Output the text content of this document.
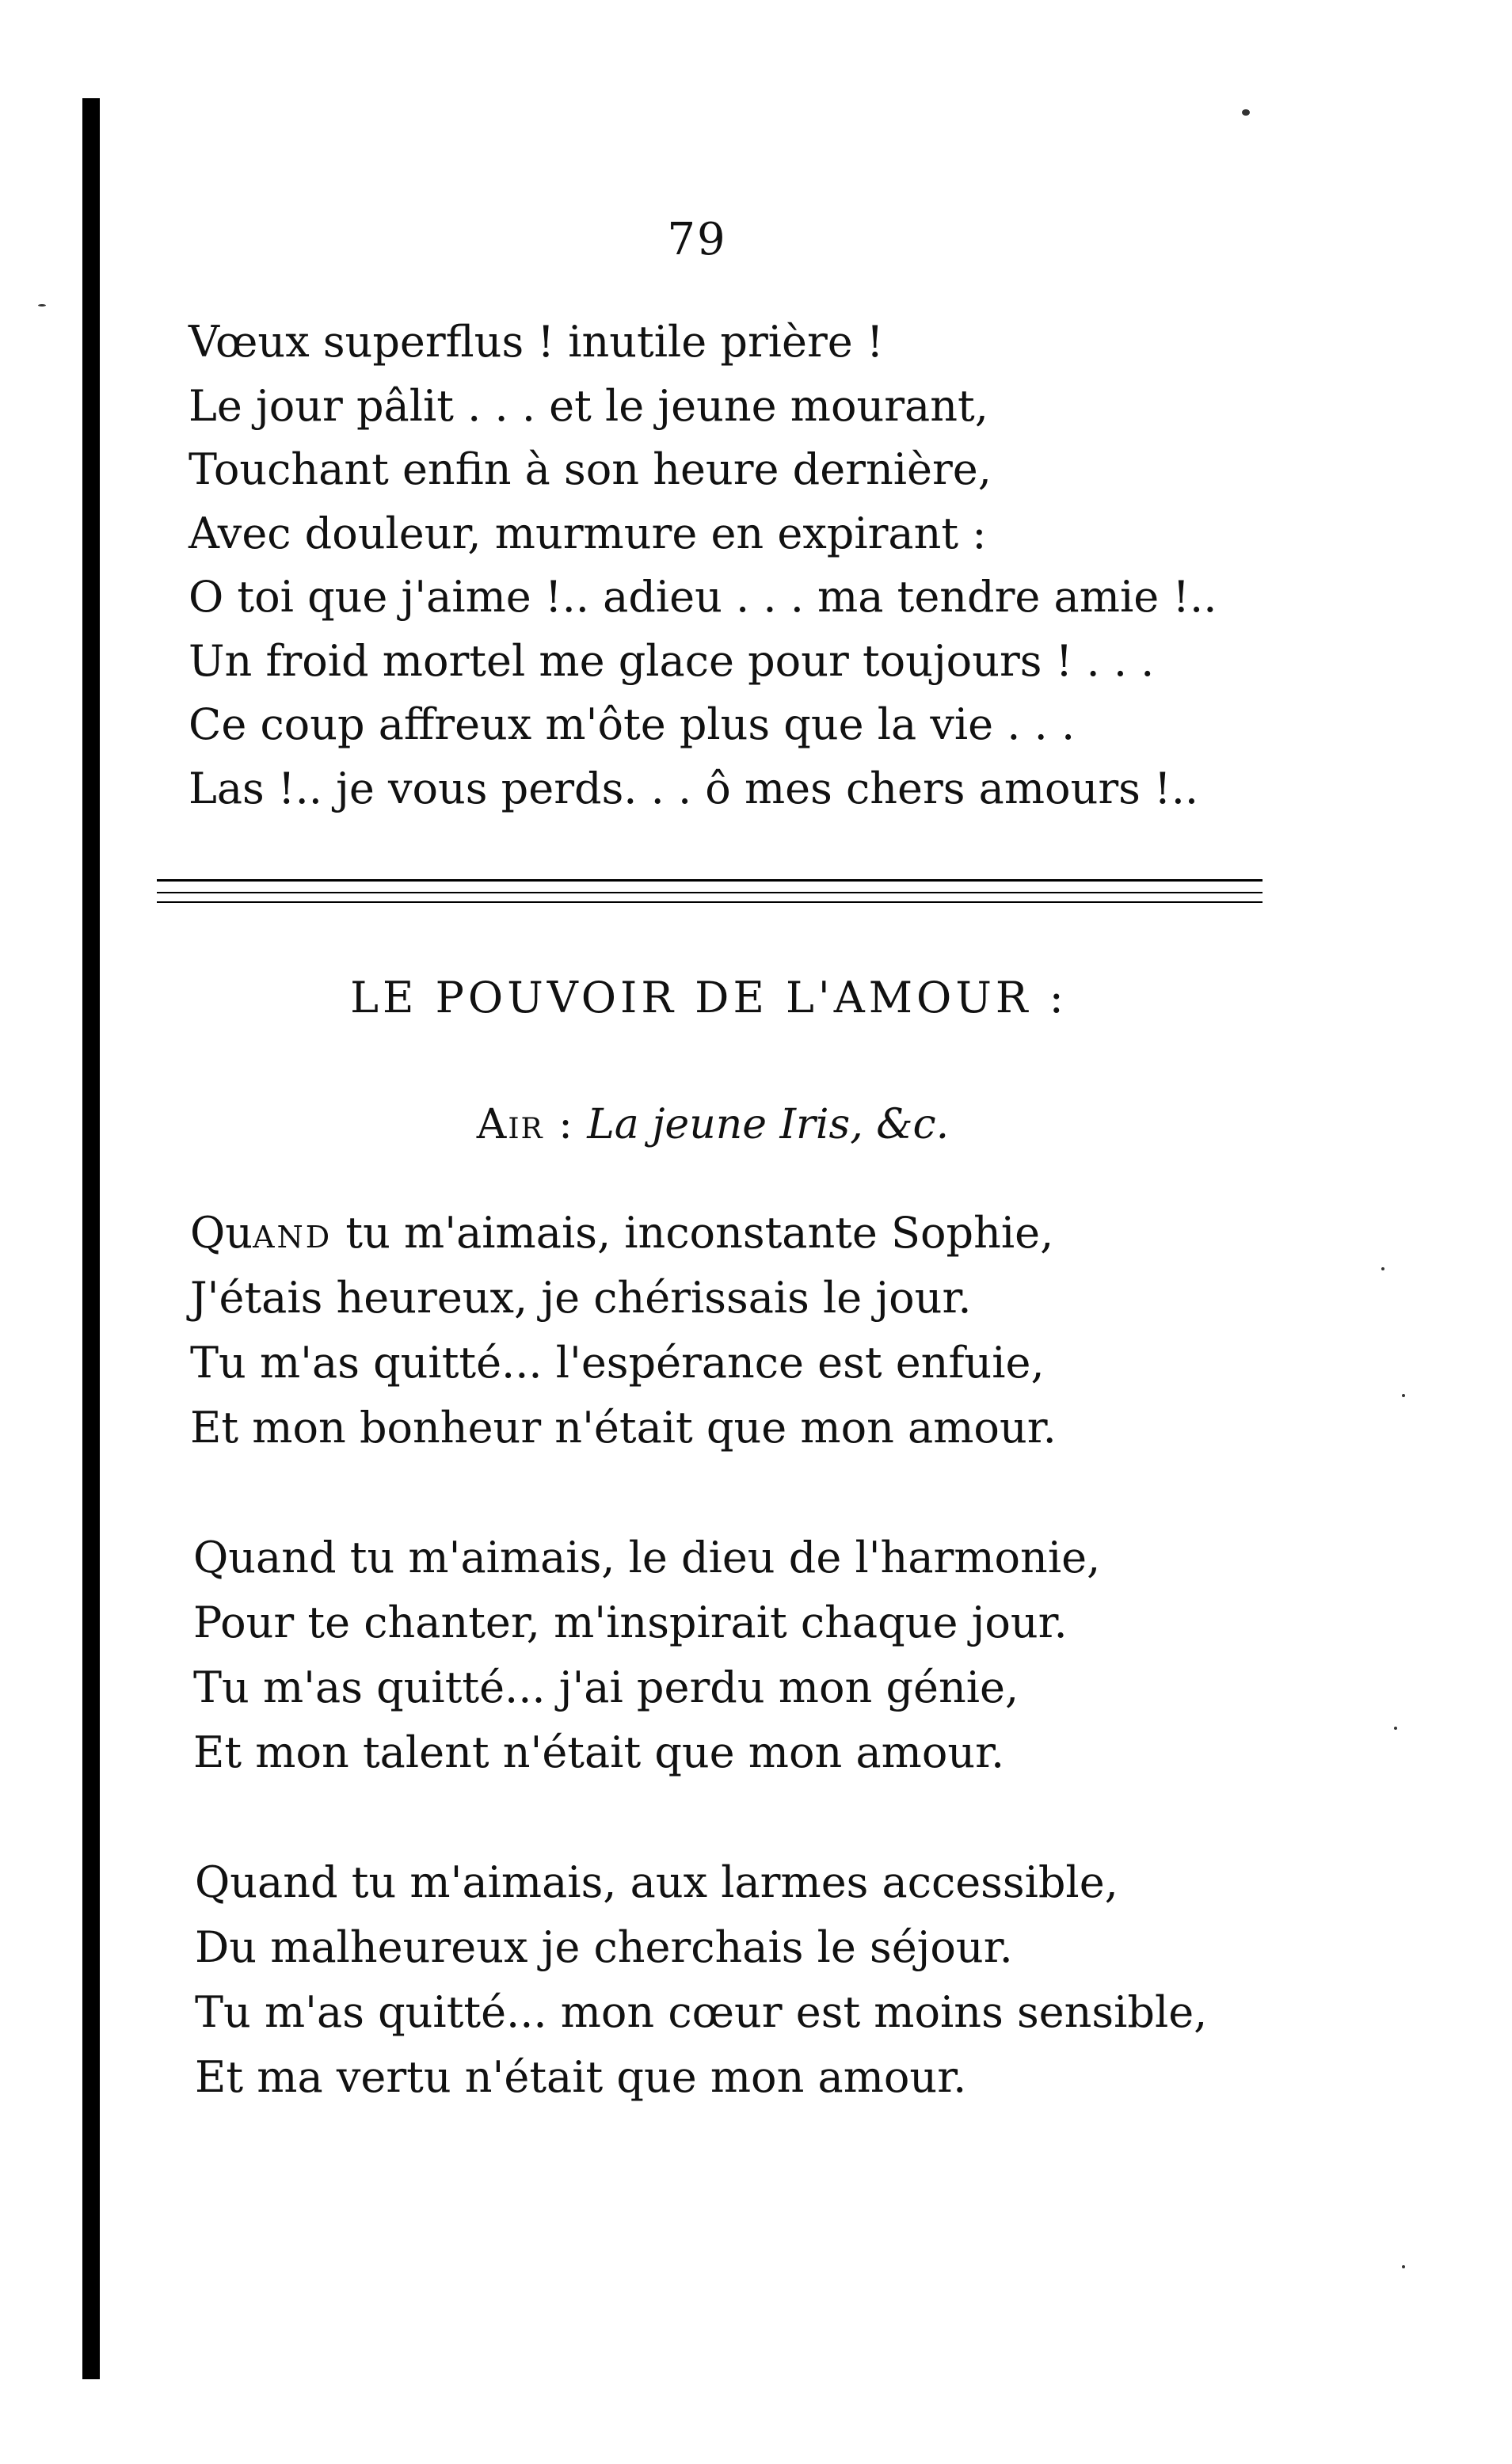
79
Vœux superflus ! inutile prière !
Le jour pâlit . . . et le jeune mourant,
Touchant enfin à son heure dernière,
Avec douleur, murmure en expirant :
O toi que j'aime !.. adieu . . . ma tendre amie !..
Un froid mortel me glace pour toujours ! . . .
Ce coup affreux m'ôte plus que la vie . . .
Las !.. je vous perds. . . ô mes chers amours !..
LE POUVOIR DE L'AMOUR :
Air : La jeune Iris, &c.
Quand tu m'aimais, inconstante Sophie,
J'étais heureux, je chérissais le jour.
Tu m'as quitté... l'espérance est enfuie,
Et mon bonheur n'était que mon amour.
Quand tu m'aimais, le dieu de l'harmonie,
Pour te chanter, m'inspirait chaque jour.
Tu m'as quitté... j'ai perdu mon génie,
Et mon talent n'était que mon amour.
Quand tu m'aimais, aux larmes accessible,
Du malheureux je cherchais le séjour.
Tu m'as quitté... mon cœur est moins sensible,
Et ma vertu n'était que mon amour.
